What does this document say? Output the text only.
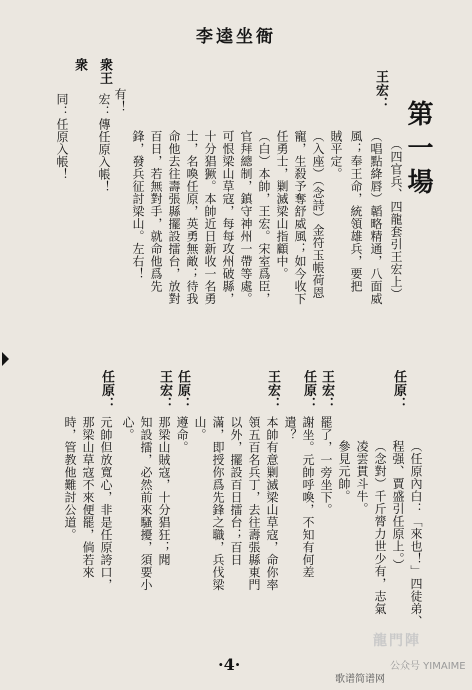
李逵坐衙
衆王
衆
宏：傳任原入帳！
同：任原入帳！	第一場
王宏：
（四官兵、四龍套引王宏上）
（唱點絳唇）韜略精通，八面威
風；奉王命，統領雄兵，要把
賊平定。
（入座）（念詩）金符玉帳荷恩
寵，生殺予奪舒威風；如今收下
任勇士，剿滅梁山指顧中。
（白）本帥，王宏。宋室爲臣，
官拜總制，鎮守神州一帶等處。
可恨梁山草寇，每每攻州破縣，
十分猖獗。本帥近日新收一名勇
士，名喚任原，英勇無敵；待我
命他去往壽張縣擺設擂台，放對
百日，若無對手，就命他爲先
鋒，發兵征討梁山。左右！
有！
任原：
（任原內白：「來也！」四徒弟、
程强、賈盛引任原上。）
（念對）千斤膂力世少有，志氣
凌雲貫斗牛。
參見元帥。
王宏：
罷了，一旁坐下。
任原：
謝坐。元帥呼喚，不知有何差
遣？
王宏：
本帥有意剿滅梁山草寇，命你率
領五百名兵丁，去往壽張縣東門
以外，擺設百日擂台；百日
滿，即授你爲先鋒之職，兵伐梁
山。
任原：
遵命。
王宏：
那梁山賊寇，十分猖狂；聞
知設擂，必然前來騷擾，須要小
心。
任原：
元帥但放寬心，非是任原誇口，
那梁山草寇不來便罷，倘若來
時，管教他難討公道。
·4·
龍門陣
公众号 YIMAIME
歌谱简谱网
